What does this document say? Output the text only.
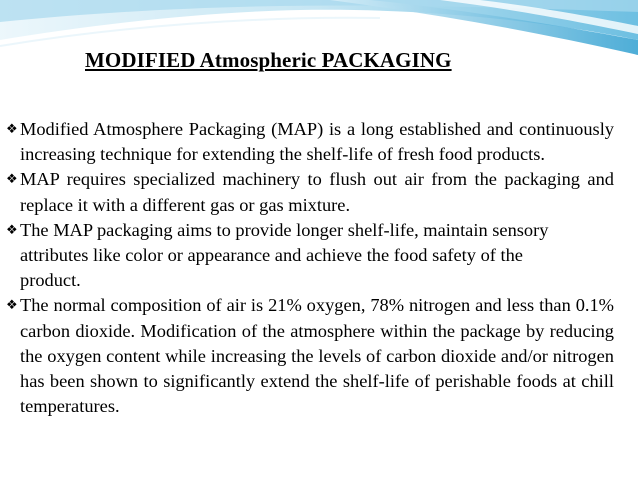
MODIFIED Atmospheric PACKAGING
❖ Modified Atmosphere Packaging (MAP) is a long established and continuously increasing technique for extending the shelf-life of fresh food products.
❖ MAP requires specialized machinery to flush out air from the packaging and replace it with a different gas or gas mixture.
❖ The MAP packaging aims to provide longer shelf-life, maintain sensory attributes like color or appearance and achieve the food safety of the product.
❖ The normal composition of air is 21% oxygen, 78% nitrogen and less than 0.1% carbon dioxide. Modification of the atmosphere within the package by reducing the oxygen content while increasing the levels of carbon dioxide and/or nitrogen has been shown to significantly extend the shelf-life of perishable foods at chill temperatures.
